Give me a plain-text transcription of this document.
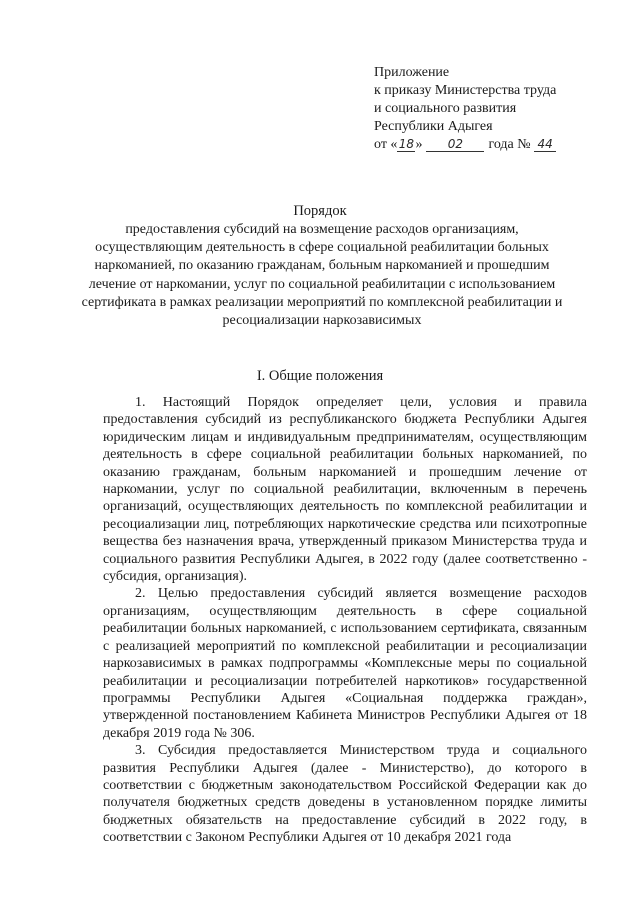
Приложение
к приказу Министерства труда
и социального развития
Республики Адыгея
от «18» 02 года № 44
Порядок
предоставления субсидий на возмещение расходов организациям, осуществляющим деятельность в сфере социальной реабилитации больных наркоманией, по оказанию гражданам, больным наркоманией и прошедшим лечение от наркомании, услуг по социальной реабилитации с использованием сертификата в рамках реализации мероприятий по комплексной реабилитации и ресоциализации наркозависимых
I. Общие положения

1. Настоящий Порядок определяет цели, условия и правила предоставления субсидий из республиканского бюджета Республики Адыгея юридическим лицам и индивидуальным предпринимателям, осуществляющим деятельность в сфере социальной реабилитации больных наркоманией, по оказанию гражданам, больным наркоманией и прошедшим лечение от наркомании, услуг по социальной реабилитации, включенным в перечень организаций, осуществляющих деятельность по комплексной реабилитации и ресоциализации лиц, потребляющих наркотические средства или психотропные вещества без назначения врача, утвержденный приказом Министерства труда и социального развития Республики Адыгея, в 2022 году (далее соответственно - субсидия, организация).

2. Целью предоставления субсидий является возмещение расходов организациям, осуществляющим деятельность в сфере социальной реабилитации больных наркоманией, с использованием сертификата, связанным с реализацией мероприятий по комплексной реабилитации и ресоциализации наркозависимых в рамках подпрограммы «Комплексные меры по социальной реабилитации и ресоциализации потребителей наркотиков» государственной программы Республики Адыгея «Социальная поддержка граждан», утвержденной постановлением Кабинета Министров Республики Адыгея от 18 декабря 2019 года № 306.

3. Субсидия предоставляется Министерством труда и социального развития Республики Адыгея (далее - Министерство), до которого в соответствии с бюджетным законодательством Российской Федерации как до получателя бюджетных средств доведены в установленном порядке лимиты бюджетных обязательств на предоставление субсидий в 2022 году, в соответствии с Законом Республики Адыгея от 10 декабря 2021 года
